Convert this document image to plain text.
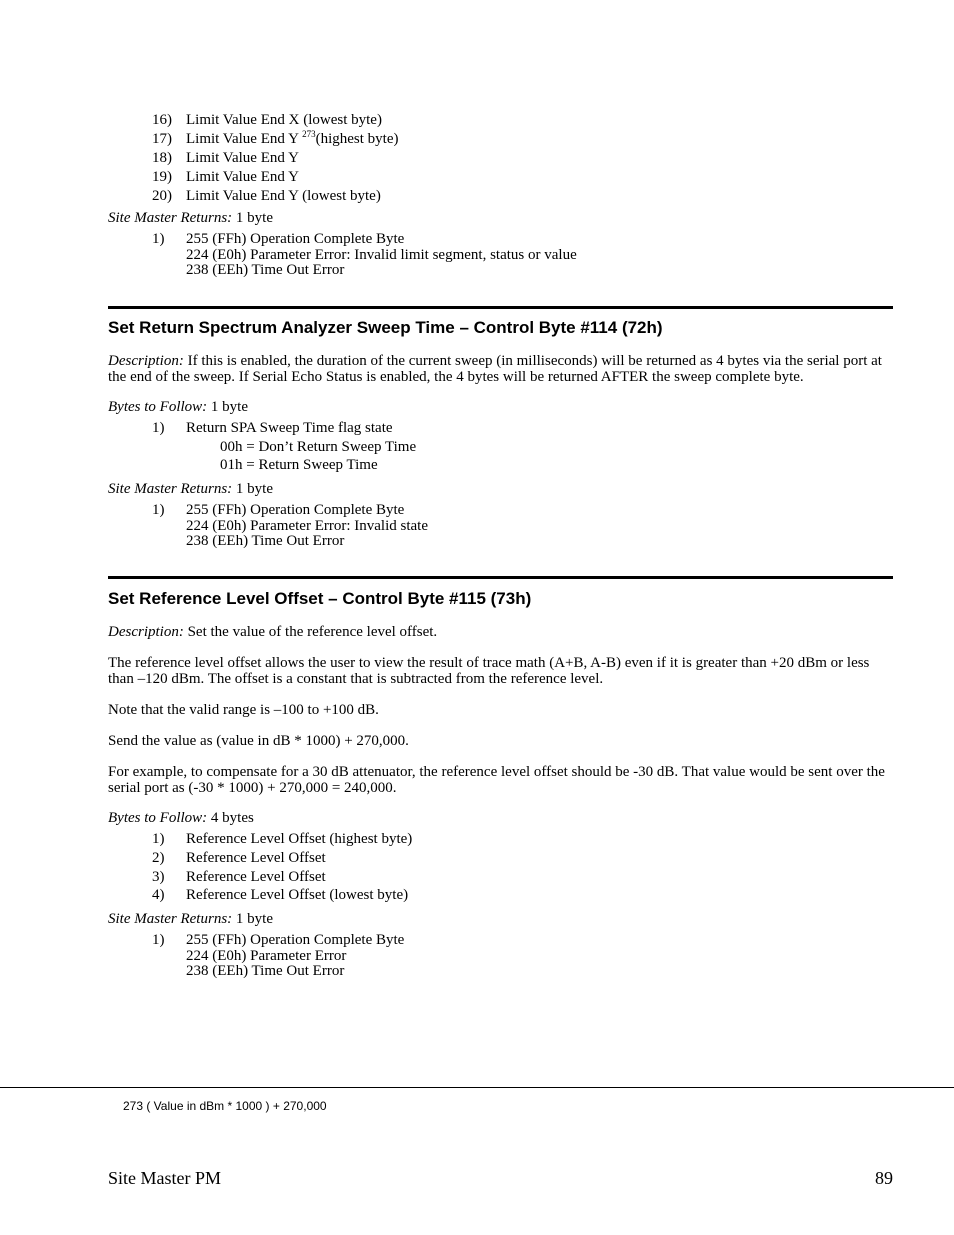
16) Limit Value End X (lowest byte)
17) Limit Value End Y $^{273}$(highest byte)
18) Limit Value End Y
19) Limit Value End Y
20) Limit Value End Y (lowest byte)
Site Master Returns: 1 byte
1) 255 (FFh) Operation Complete Byte
224 (E0h) Parameter Error: Invalid limit segment, status or value
238 (EEh) Time Out Error
Set Return Spectrum Analyzer Sweep Time – Control Byte #114 (72h)
Description: If this is enabled, the duration of the current sweep (in milliseconds) will be returned as 4 bytes via the serial port at the end of the sweep. If Serial Echo Status is enabled, the 4 bytes will be returned AFTER the sweep complete byte.
Bytes to Follow: 1 byte
1) Return SPA Sweep Time flag state
00h = Don’t Return Sweep Time
01h = Return Sweep Time
Site Master Returns: 1 byte
1) 255 (FFh) Operation Complete Byte
224 (E0h) Parameter Error: Invalid state
238 (EEh) Time Out Error
Set Reference Level Offset – Control Byte #115 (73h)
Description: Set the value of the reference level offset.
The reference level offset allows the user to view the result of trace math (A+B, A-B) even if it is greater than +20 dBm or less than –120 dBm. The offset is a constant that is subtracted from the reference level.
Note that the valid range is –100 to +100 dB.
Send the value as (value in dB * 1000) + 270,000.
For example, to compensate for a 30 dB attenuator, the reference level offset should be -30 dB. That value would be sent over the serial port as (-30 * 1000) + 270,000 = 240,000.
Bytes to Follow: 4 bytes
1) Reference Level Offset (highest byte)
2) Reference Level Offset
3) Reference Level Offset
4) Reference Level Offset (lowest byte)
Site Master Returns: 1 byte
1) 255 (FFh) Operation Complete Byte
224 (E0h) Parameter Error
238 (EEh) Time Out Error
273 ( Value in dBm * 1000 ) + 270,000
Site Master PM	89
